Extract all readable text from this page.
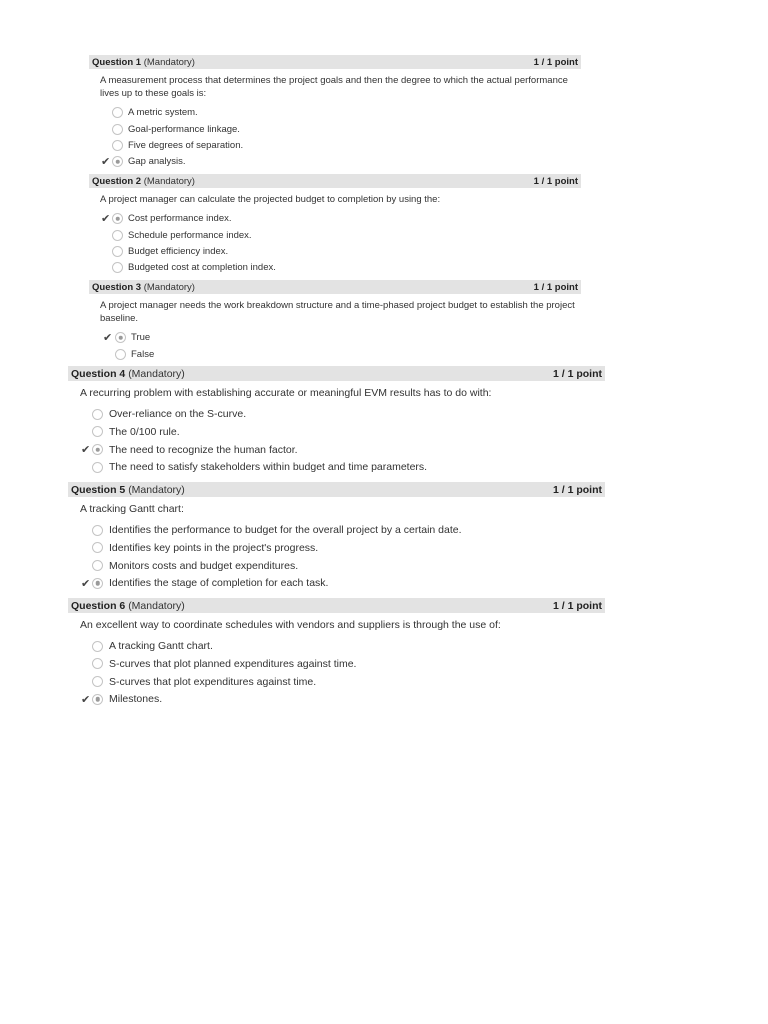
Question 1 (Mandatory)	1 / 1 point
A measurement process that determines the project goals and then the degree to which the actual performance lives up to these goals is:
A metric system.
Goal-performance linkage.
Five degrees of separation.
✔ Gap analysis.
Question 2 (Mandatory)	1 / 1 point
A project manager can calculate the projected budget to completion by using the:
✔ Cost performance index.
Schedule performance index.
Budget efficiency index.
Budgeted cost at completion index.
Question 3 (Mandatory)	1 / 1 point
A project manager needs the work breakdown structure and a time-phased project budget to establish the project baseline.
✔ True
False
Question 4 (Mandatory)	1 / 1 point
A recurring problem with establishing accurate or meaningful EVM results has to do with:
Over-reliance on the S-curve.
The 0/100 rule.
✔ The need to recognize the human factor.
The need to satisfy stakeholders within budget and time parameters.
Question 5 (Mandatory)	1 / 1 point
A tracking Gantt chart:
Identifies the performance to budget for the overall project by a certain date.
Identifies key points in the project's progress.
Monitors costs and budget expenditures.
✔ Identifies the stage of completion for each task.
Question 6 (Mandatory)	1 / 1 point
An excellent way to coordinate schedules with vendors and suppliers is through the use of:
A tracking Gantt chart.
S-curves that plot planned expenditures against time.
S-curves that plot expenditures against time.
✔ Milestones.
